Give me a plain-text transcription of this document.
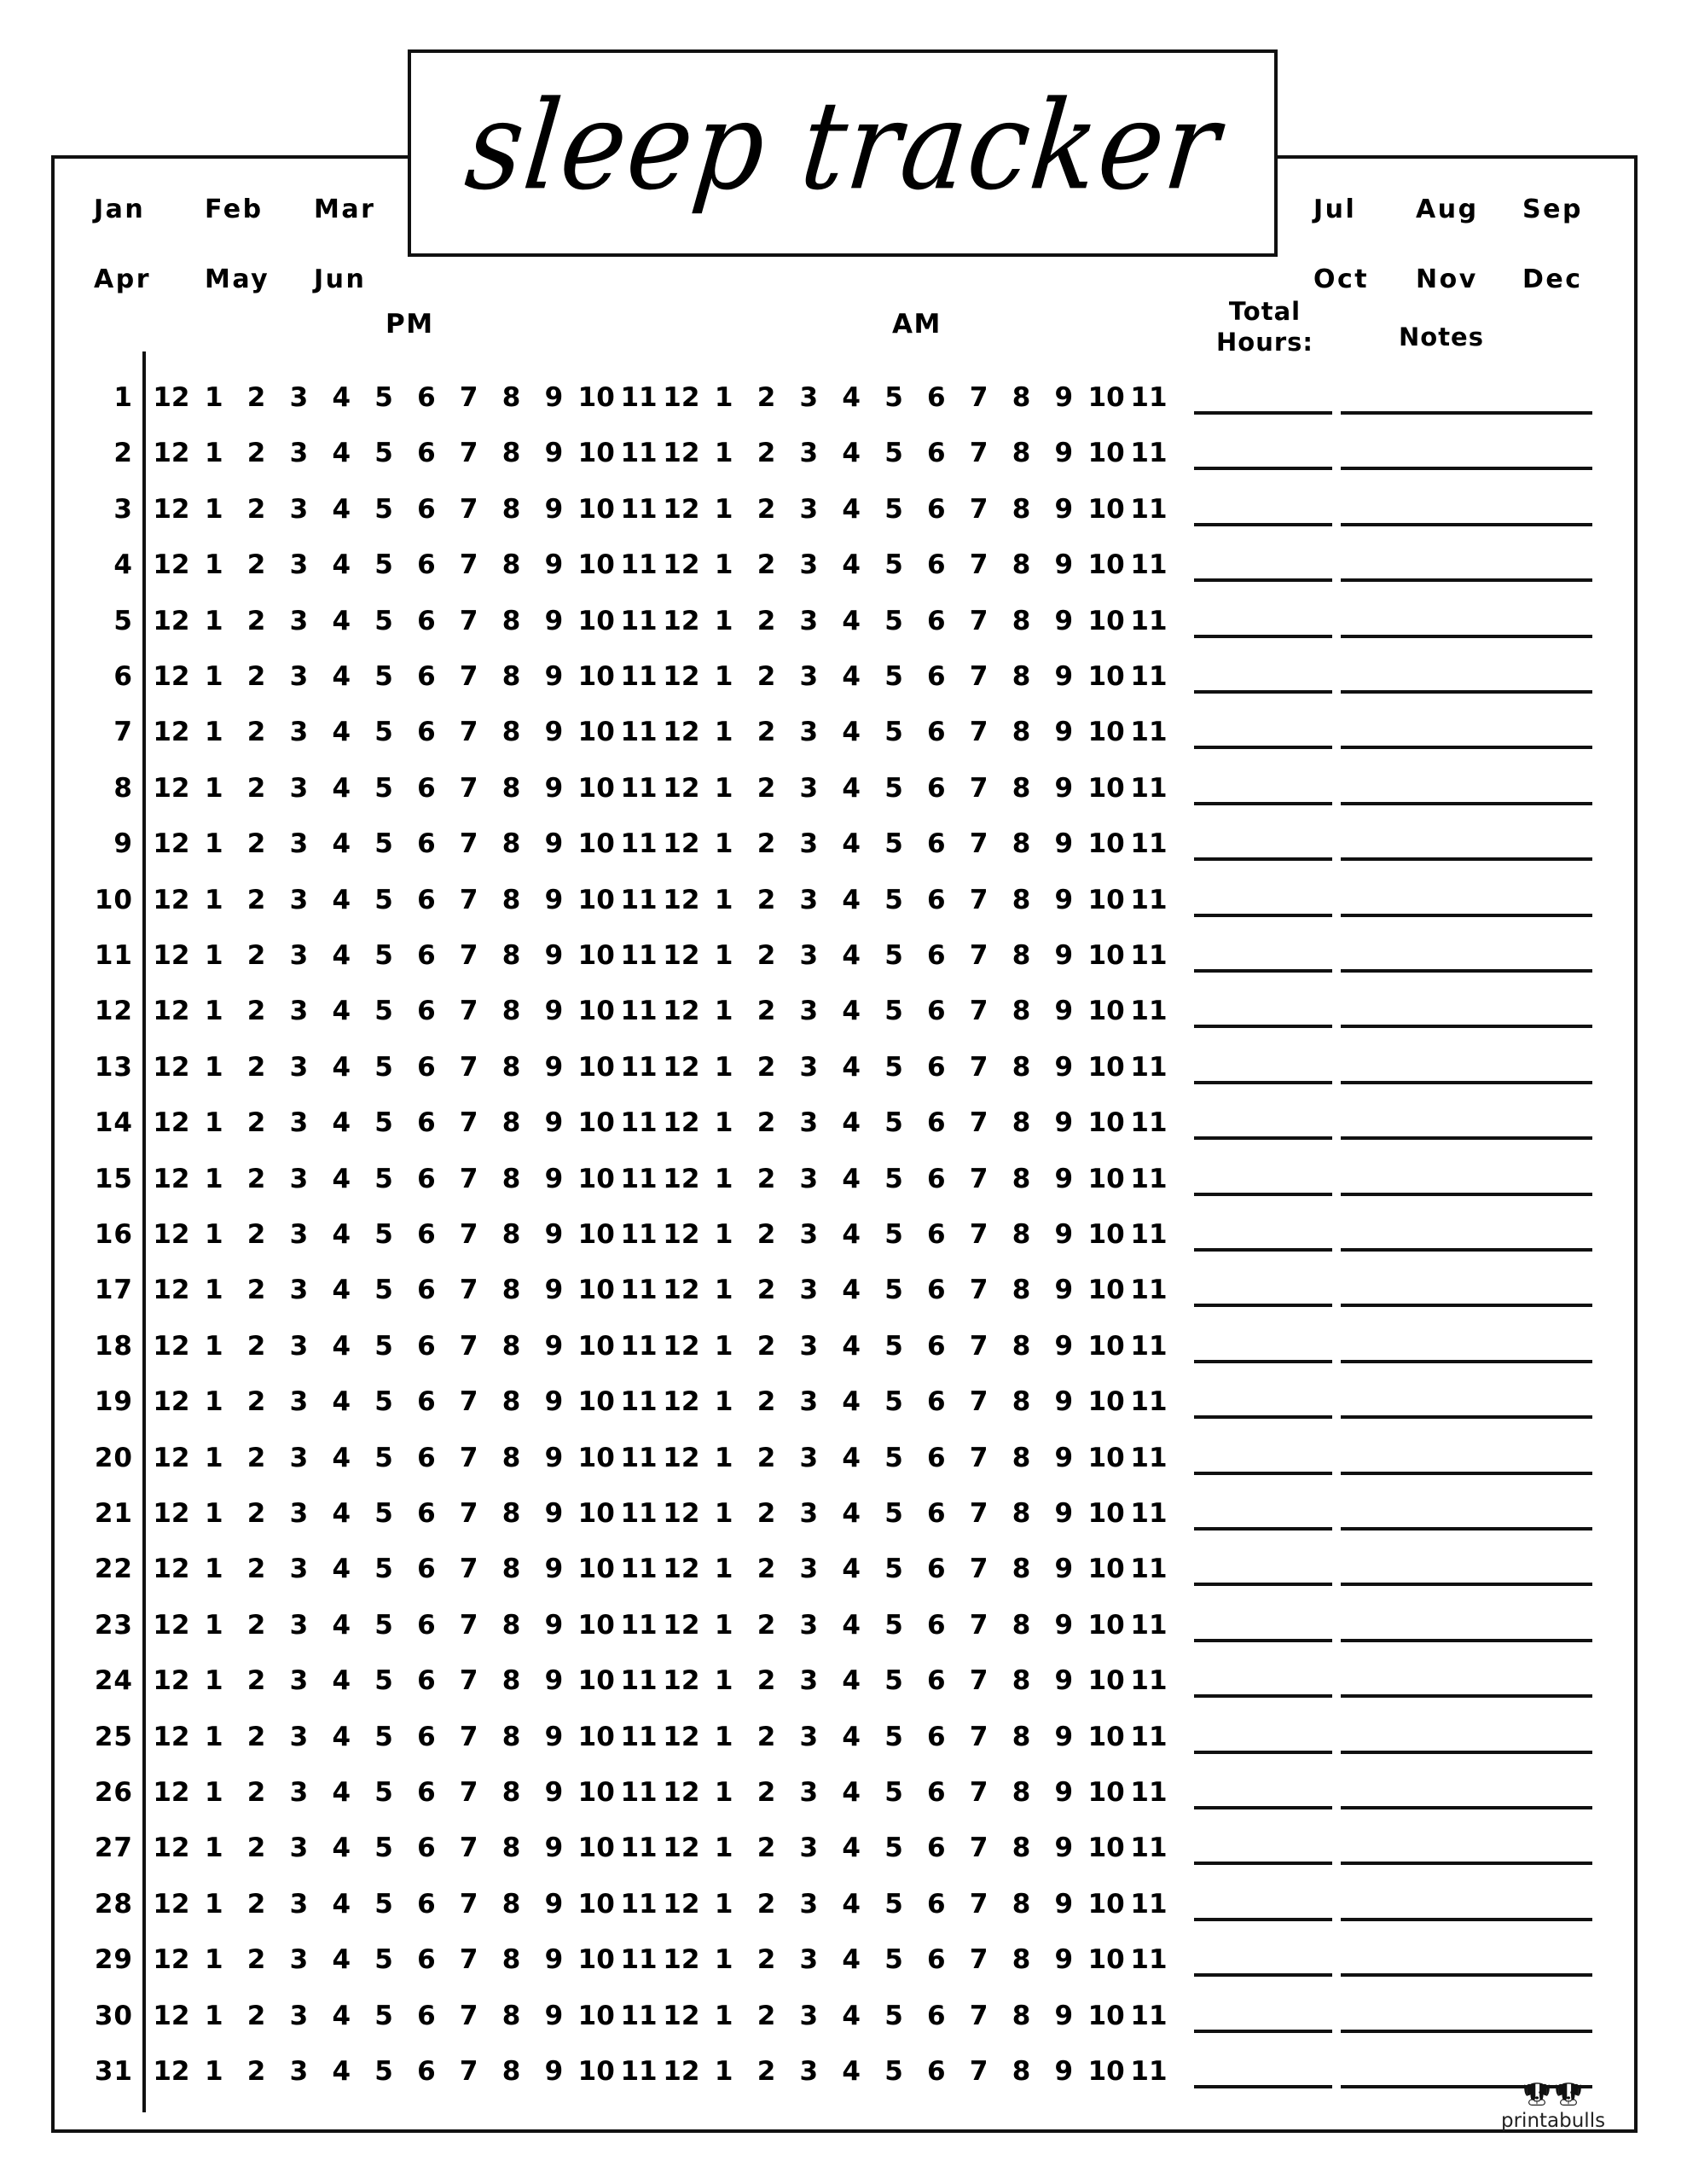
sleep tracker
Jan Feb Mar
Apr May Jun
Jul Aug Sep
Oct Nov Dec
PM	AM	Total
Hours:	Notes
1 12 1 2 3 4 5 6 7 8 9 10 11 12 1 2 3 4 5 6 7 8 9 10 11
2 12 1 2 3 4 5 6 7 8 9 10 11 12 1 2 3 4 5 6 7 8 9 10 11
3 12 1 2 3 4 5 6 7 8 9 10 11 12 1 2 3 4 5 6 7 8 9 10 11
4 12 1 2 3 4 5 6 7 8 9 10 11 12 1 2 3 4 5 6 7 8 9 10 11
5 12 1 2 3 4 5 6 7 8 9 10 11 12 1 2 3 4 5 6 7 8 9 10 11
6 12 1 2 3 4 5 6 7 8 9 10 11 12 1 2 3 4 5 6 7 8 9 10 11
7 12 1 2 3 4 5 6 7 8 9 10 11 12 1 2 3 4 5 6 7 8 9 10 11
8 12 1 2 3 4 5 6 7 8 9 10 11 12 1 2 3 4 5 6 7 8 9 10 11
9 12 1 2 3 4 5 6 7 8 9 10 11 12 1 2 3 4 5 6 7 8 9 10 11
10 12 1 2 3 4 5 6 7 8 9 10 11 12 1 2 3 4 5 6 7 8 9 10 11
11 12 1 2 3 4 5 6 7 8 9 10 11 12 1 2 3 4 5 6 7 8 9 10 11
12 12 1 2 3 4 5 6 7 8 9 10 11 12 1 2 3 4 5 6 7 8 9 10 11
13 12 1 2 3 4 5 6 7 8 9 10 11 12 1 2 3 4 5 6 7 8 9 10 11
14 12 1 2 3 4 5 6 7 8 9 10 11 12 1 2 3 4 5 6 7 8 9 10 11
15 12 1 2 3 4 5 6 7 8 9 10 11 12 1 2 3 4 5 6 7 8 9 10 11
16 12 1 2 3 4 5 6 7 8 9 10 11 12 1 2 3 4 5 6 7 8 9 10 11
17 12 1 2 3 4 5 6 7 8 9 10 11 12 1 2 3 4 5 6 7 8 9 10 11
18 12 1 2 3 4 5 6 7 8 9 10 11 12 1 2 3 4 5 6 7 8 9 10 11
19 12 1 2 3 4 5 6 7 8 9 10 11 12 1 2 3 4 5 6 7 8 9 10 11
20 12 1 2 3 4 5 6 7 8 9 10 11 12 1 2 3 4 5 6 7 8 9 10 11
21 12 1 2 3 4 5 6 7 8 9 10 11 12 1 2 3 4 5 6 7 8 9 10 11
22 12 1 2 3 4 5 6 7 8 9 10 11 12 1 2 3 4 5 6 7 8 9 10 11
23 12 1 2 3 4 5 6 7 8 9 10 11 12 1 2 3 4 5 6 7 8 9 10 11
24 12 1 2 3 4 5 6 7 8 9 10 11 12 1 2 3 4 5 6 7 8 9 10 11
25 12 1 2 3 4 5 6 7 8 9 10 11 12 1 2 3 4 5 6 7 8 9 10 11
26 12 1 2 3 4 5 6 7 8 9 10 11 12 1 2 3 4 5 6 7 8 9 10 11
27 12 1 2 3 4 5 6 7 8 9 10 11 12 1 2 3 4 5 6 7 8 9 10 11
28 12 1 2 3 4 5 6 7 8 9 10 11 12 1 2 3 4 5 6 7 8 9 10 11
29 12 1 2 3 4 5 6 7 8 9 10 11 12 1 2 3 4 5 6 7 8 9 10 11
30 12 1 2 3 4 5 6 7 8 9 10 11 12 1 2 3 4 5 6 7 8 9 10 11
31 12 1 2 3 4 5 6 7 8 9 10 11 12 1 2 3 4 5 6 7 8 9 10 11
printabulls
